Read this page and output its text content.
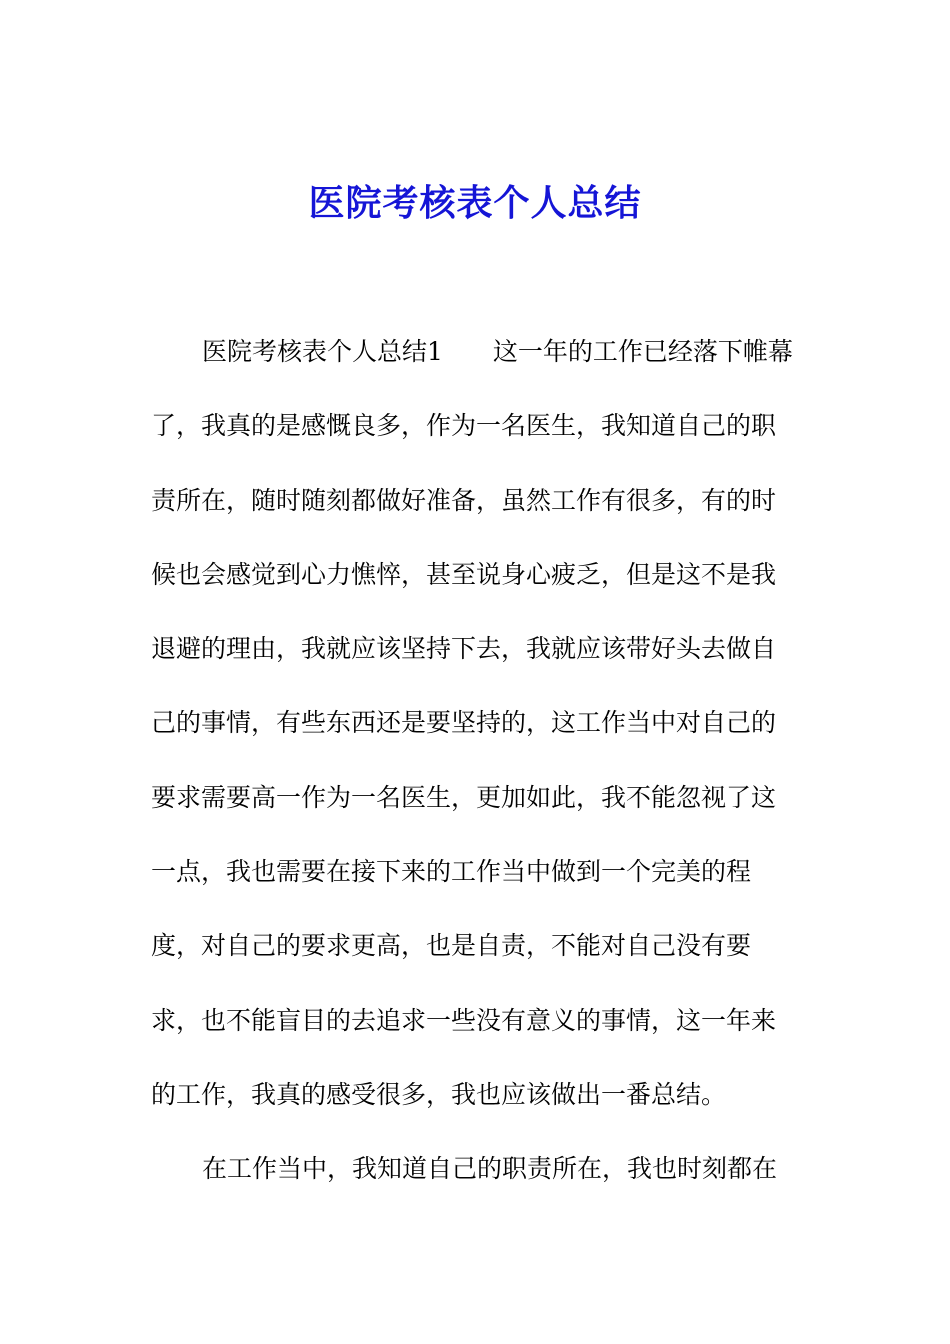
医院考核表个人总结
医院考核表个人总结1 这一年的工作已经落下帷幕
了，我真的是感慨良多，作为一名医生，我知道自己的职
责所在，随时随刻都做好准备，虽然工作有很多，有的时
候也会感觉到心力憔悴，甚至说身心疲乏，但是这不是我
退避的理由，我就应该坚持下去，我就应该带好头去做自
己的事情，有些东西还是要坚持的，这工作当中对自己的
要求需要高一作为一名医生，更加如此，我不能忽视了这
一点，我也需要在接下来的工作当中做到一个完美的程
度，对自己的要求更高，也是自责，不能对自己没有要
求，也不能盲目的去追求一些没有意义的事情，这一年来
的工作，我真的感受很多，我也应该做出一番总结。
在工作当中，我知道自己的职责所在，我也时刻都在
